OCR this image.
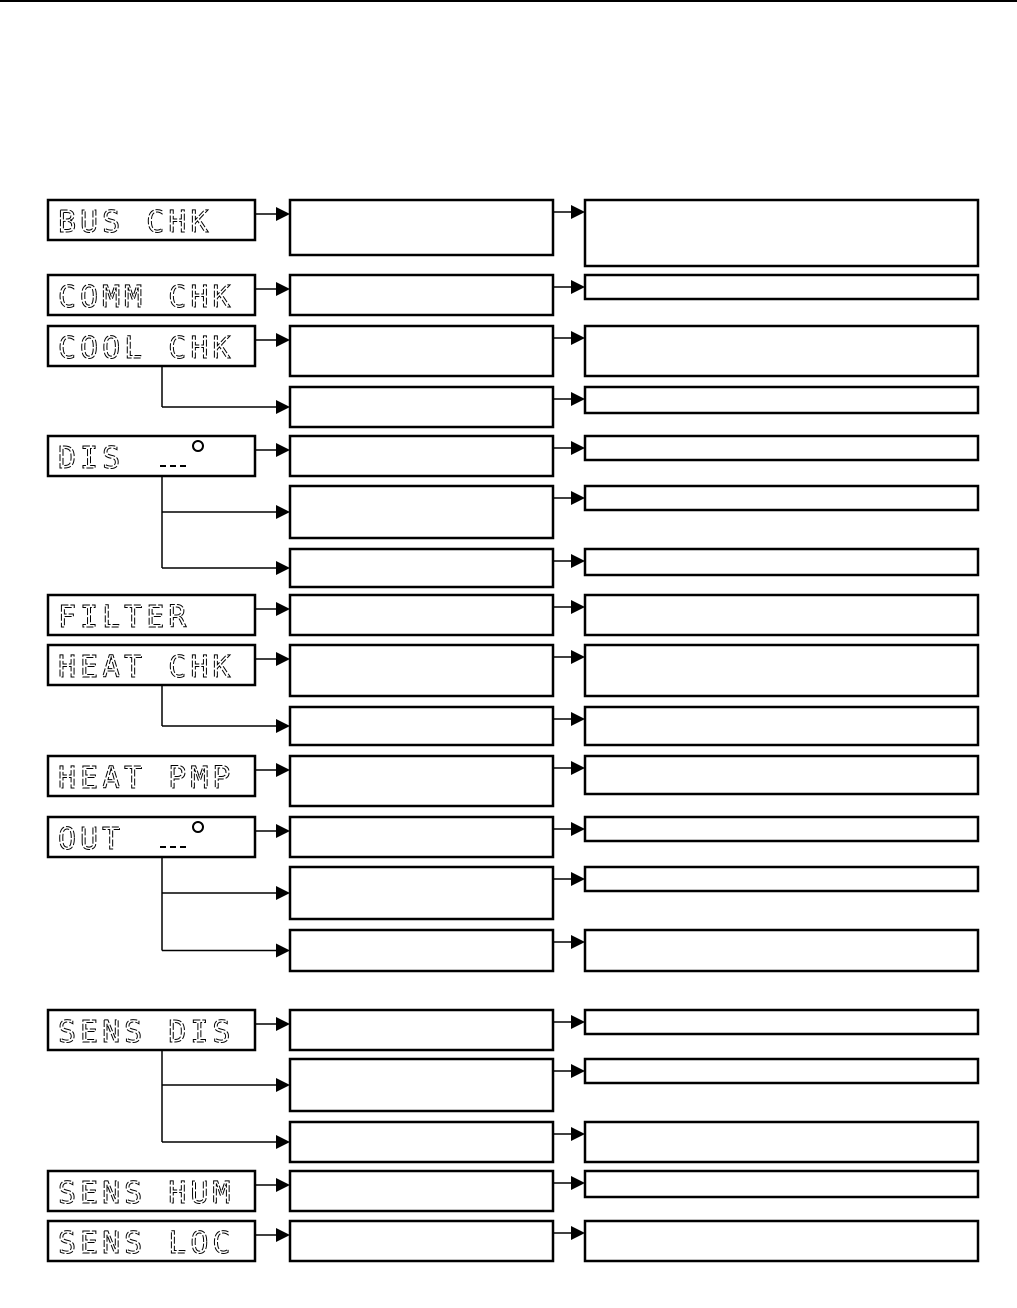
BUS CHK
COMM CHK
COOL CHK
DIS
FILTER
HEAT CHK
HEAT PMP
OUT
SENS DIS
SENS HUM
SENS LOC
